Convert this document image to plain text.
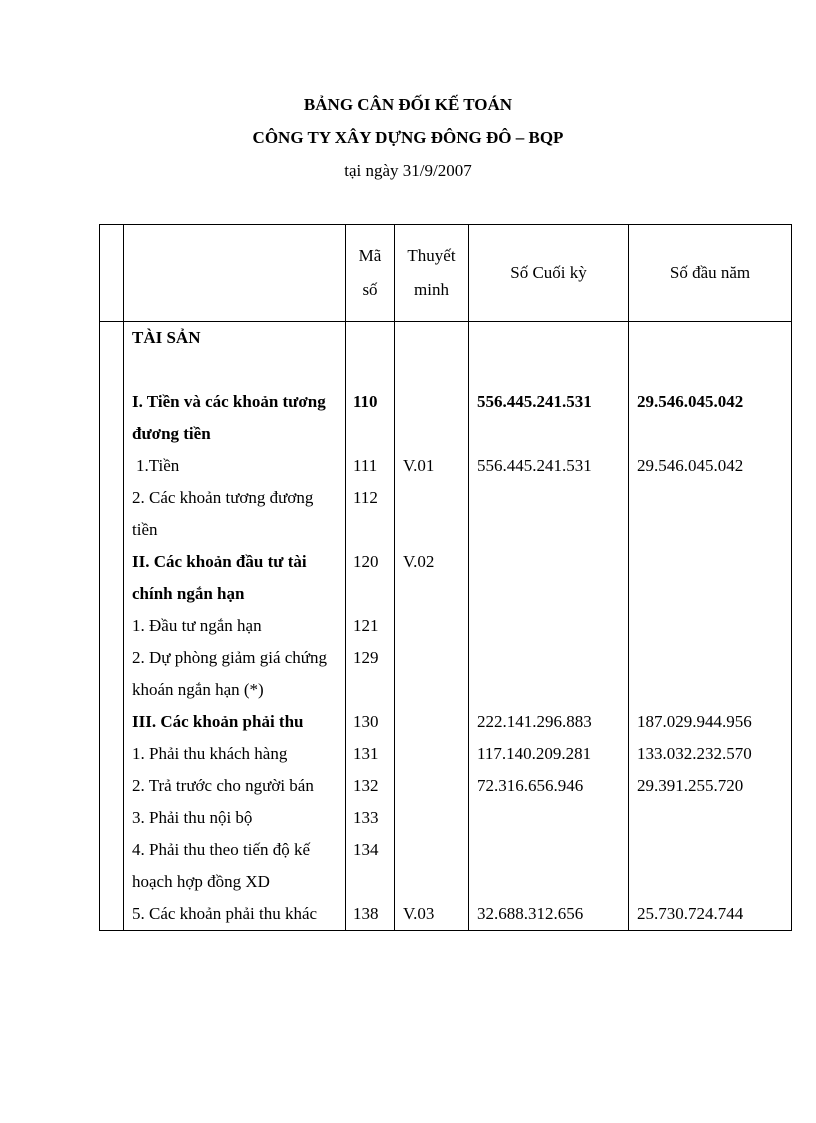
BẢNG CÂN ĐỐI KẾ TOÁN
CÔNG TY XÂY DỰNG ĐÔNG ĐÔ – BQP
tại ngày 31/9/2007
		Mã số	Thuyết minh	Số Cuối kỳ	Số đầu năm
	TÀI SẢN				
	I. Tiền và các khoản tương đương tiền	110		556.445.241.531	29.546.045.042
	1.Tiền	111	V.01	556.445.241.531	29.546.045.042
	2. Các khoản tương đương tiền	112			
	II. Các khoản đầu tư tài chính ngắn hạn	120	V.02		
	1. Đầu tư ngắn hạn	121			
	2. Dự phòng giảm giá chứng khoán ngắn hạn (*)	129			
	III. Các khoản phải thu	130		222.141.296.883	187.029.944.956
	1. Phải thu khách hàng	131		117.140.209.281	133.032.232.570
	2. Trả trước cho người bán	132		72.316.656.946	29.391.255.720
	3. Phải thu nội bộ	133			
	4. Phải thu theo tiến độ kế hoạch hợp đồng XD	134			
	5. Các khoản phải thu khác	138	V.03	32.688.312.656	25.730.724.744
